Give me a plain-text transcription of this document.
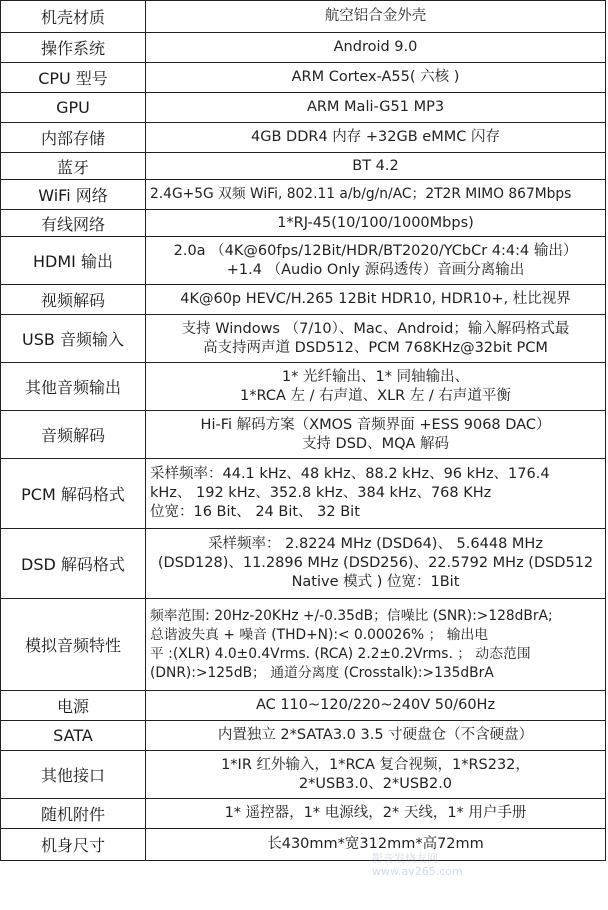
机壳材质	航空铝合金外壳

操作系统	Android 9.0

CPU 型号	ARM Cortex-A55( 六核 )

GPU	ARM Mali-G51 MP3

内部存储	4GB DDR4 内存 +32GB eMMC 闪存

蓝牙	BT 4.2

WiFi 网络	2.4G+5G 双频 WiFi, 802.11 a/b/g/n/AC；2T2R MIMO 867Mbps

有线网络	1*RJ-45(10/100/1000Mbps)

HDMI 输出	2.0a （4K@60fps/12Bit/HDR/BT2020/YCbCr 4:4:4 输出）
+1.4 （Audio Only 源码透传）音画分离输出

视频解码	4K@60p HEVC/H.265 12Bit HDR10, HDR10+, 杜比视界

USB 音频输入	支持 Windows （7/10）、Mac、Android；输入解码格式最
高支持两声道 DSD512、PCM 768KHz@32bit PCM

其他音频输出	1* 光纤输出、1* 同轴输出、
1*RCA 左 / 右声道、XLR 左 / 右声道平衡

音频解码	Hi-Fi 解码方案（XMOS 音频界面 +ESS 9068 DAC）
支持 DSD、MQA 解码

PCM 解码格式	采样频率：44.1 kHz、48 kHz、88.2 kHz、96 kHz、176.4
kHz、 192 kHz、352.8 kHz、384 kHz、768 KHz
位宽：16 Bit、 24 Bit、 32 Bit

DSD 解码格式	采样频率： 2.8224 MHz (DSD64)、 5.6448 MHz
(DSD128)、11.2896 MHz (DSD256)、22.5792 MHz (DSD512
Native 模式 ) 位宽：1Bit

模拟音频特性	频率范围: 20Hz-20KHz +/-0.35dB；信噪比 (SNR):>128dBrA;
总谐波失真 + 噪音 (THD+N):< 0.00026% ； 输出电
平 :(XLR) 4.0±0.4Vrms. (RCA) 2.2±0.2Vrms. ； 动态范围
(DNR):>125dB； 通道分离度 (Crosstalk):>135dBrA

电源	AC 110~120/220~240V 50/60Hz

SATA	内置独立 2*SATA3.0 3.5 寸硬盘仓（不含硬盘）

其他接口	1*IR 红外输入，1*RCA 复合视频，1*RS232，
2*USB3.0、2*USB2.0

随机附件	1* 遥控器，1* 电源线，2* 天线，1* 用户手册

机身尺寸	长430mm*宽312mm*高72mm
影音发烧友网
www.av265.com
